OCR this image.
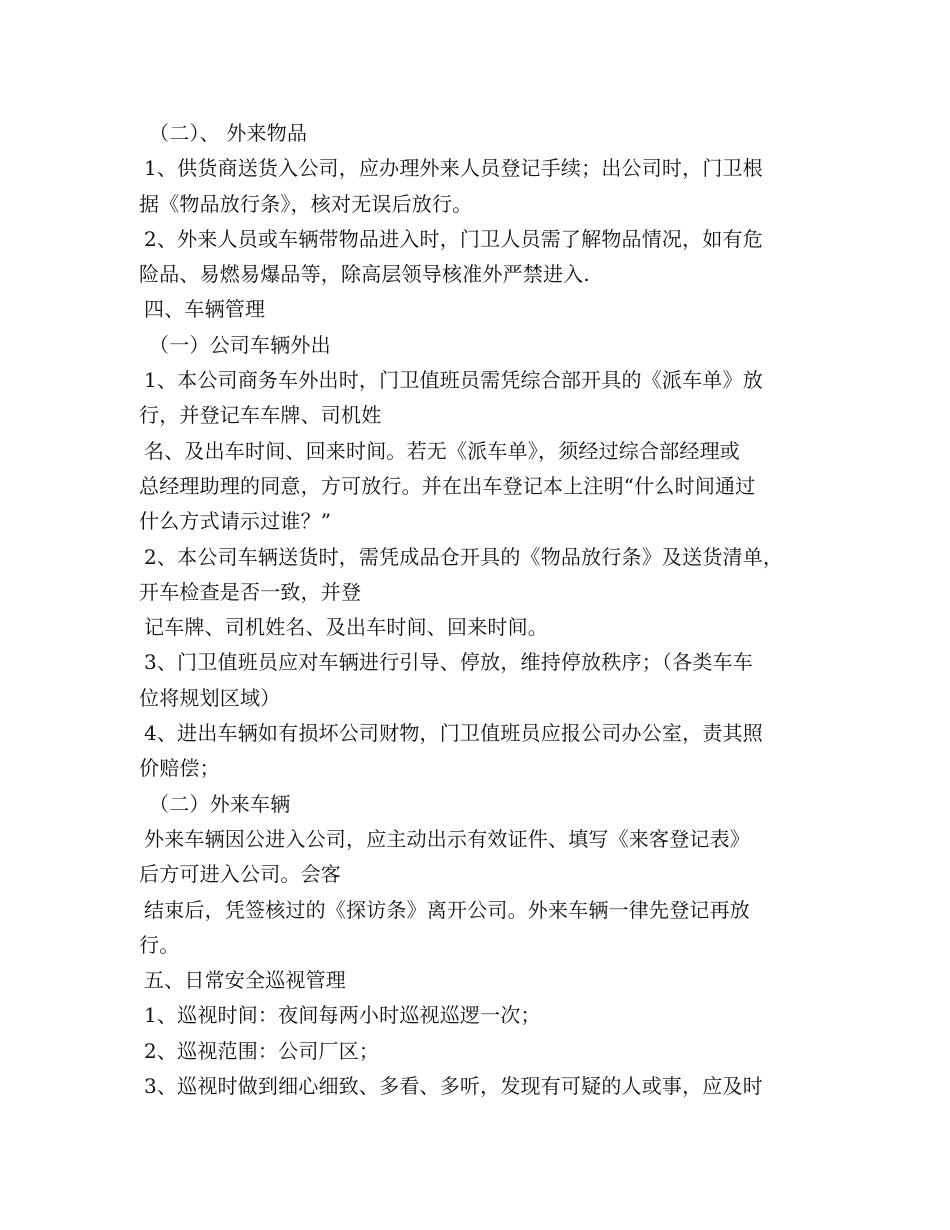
（二）、 外来物品
1、供货商送货入公司，应办理外来人员登记手续；出公司时，门卫根
据《物品放行条》，核对无误后放行。
2、外来人员或车辆带物品进入时，门卫人员需了解物品情况，如有危
险品、易燃易爆品等，除高层领导核准外严禁进入.
四、车辆管理
（一）公司车辆外出
1、本公司商务车外出时，门卫值班员需凭综合部开具的《派车单》放
行，并登记车车牌、司机姓
名、及出车时间、回来时间。若无《派车单》，须经过综合部经理或
总经理助理的同意，方可放行。并在出车登记本上注明“什么时间通过
什么方式请示过谁？”
2、本公司车辆送货时，需凭成品仓开具的《物品放行条》及送货清单，
开车检查是否一致，并登
记车牌、司机姓名、及出车时间、回来时间。
3、门卫值班员应对车辆进行引导、停放，维持停放秩序；（各类车车
位将规划区域）
4、进出车辆如有损坏公司财物，门卫值班员应报公司办公室，责其照
价赔偿；
（二）外来车辆
外来车辆因公进入公司，应主动出示有效证件、填写《来客登记表》
后方可进入公司。会客
结束后，凭签核过的《探访条》离开公司。外来车辆一律先登记再放
行。
五、日常安全巡视管理
1、巡视时间：夜间每两小时巡视巡逻一次；
2、巡视范围：公司厂区；
3、巡视时做到细心细致、多看、多听，发现有可疑的人或事，应及时
